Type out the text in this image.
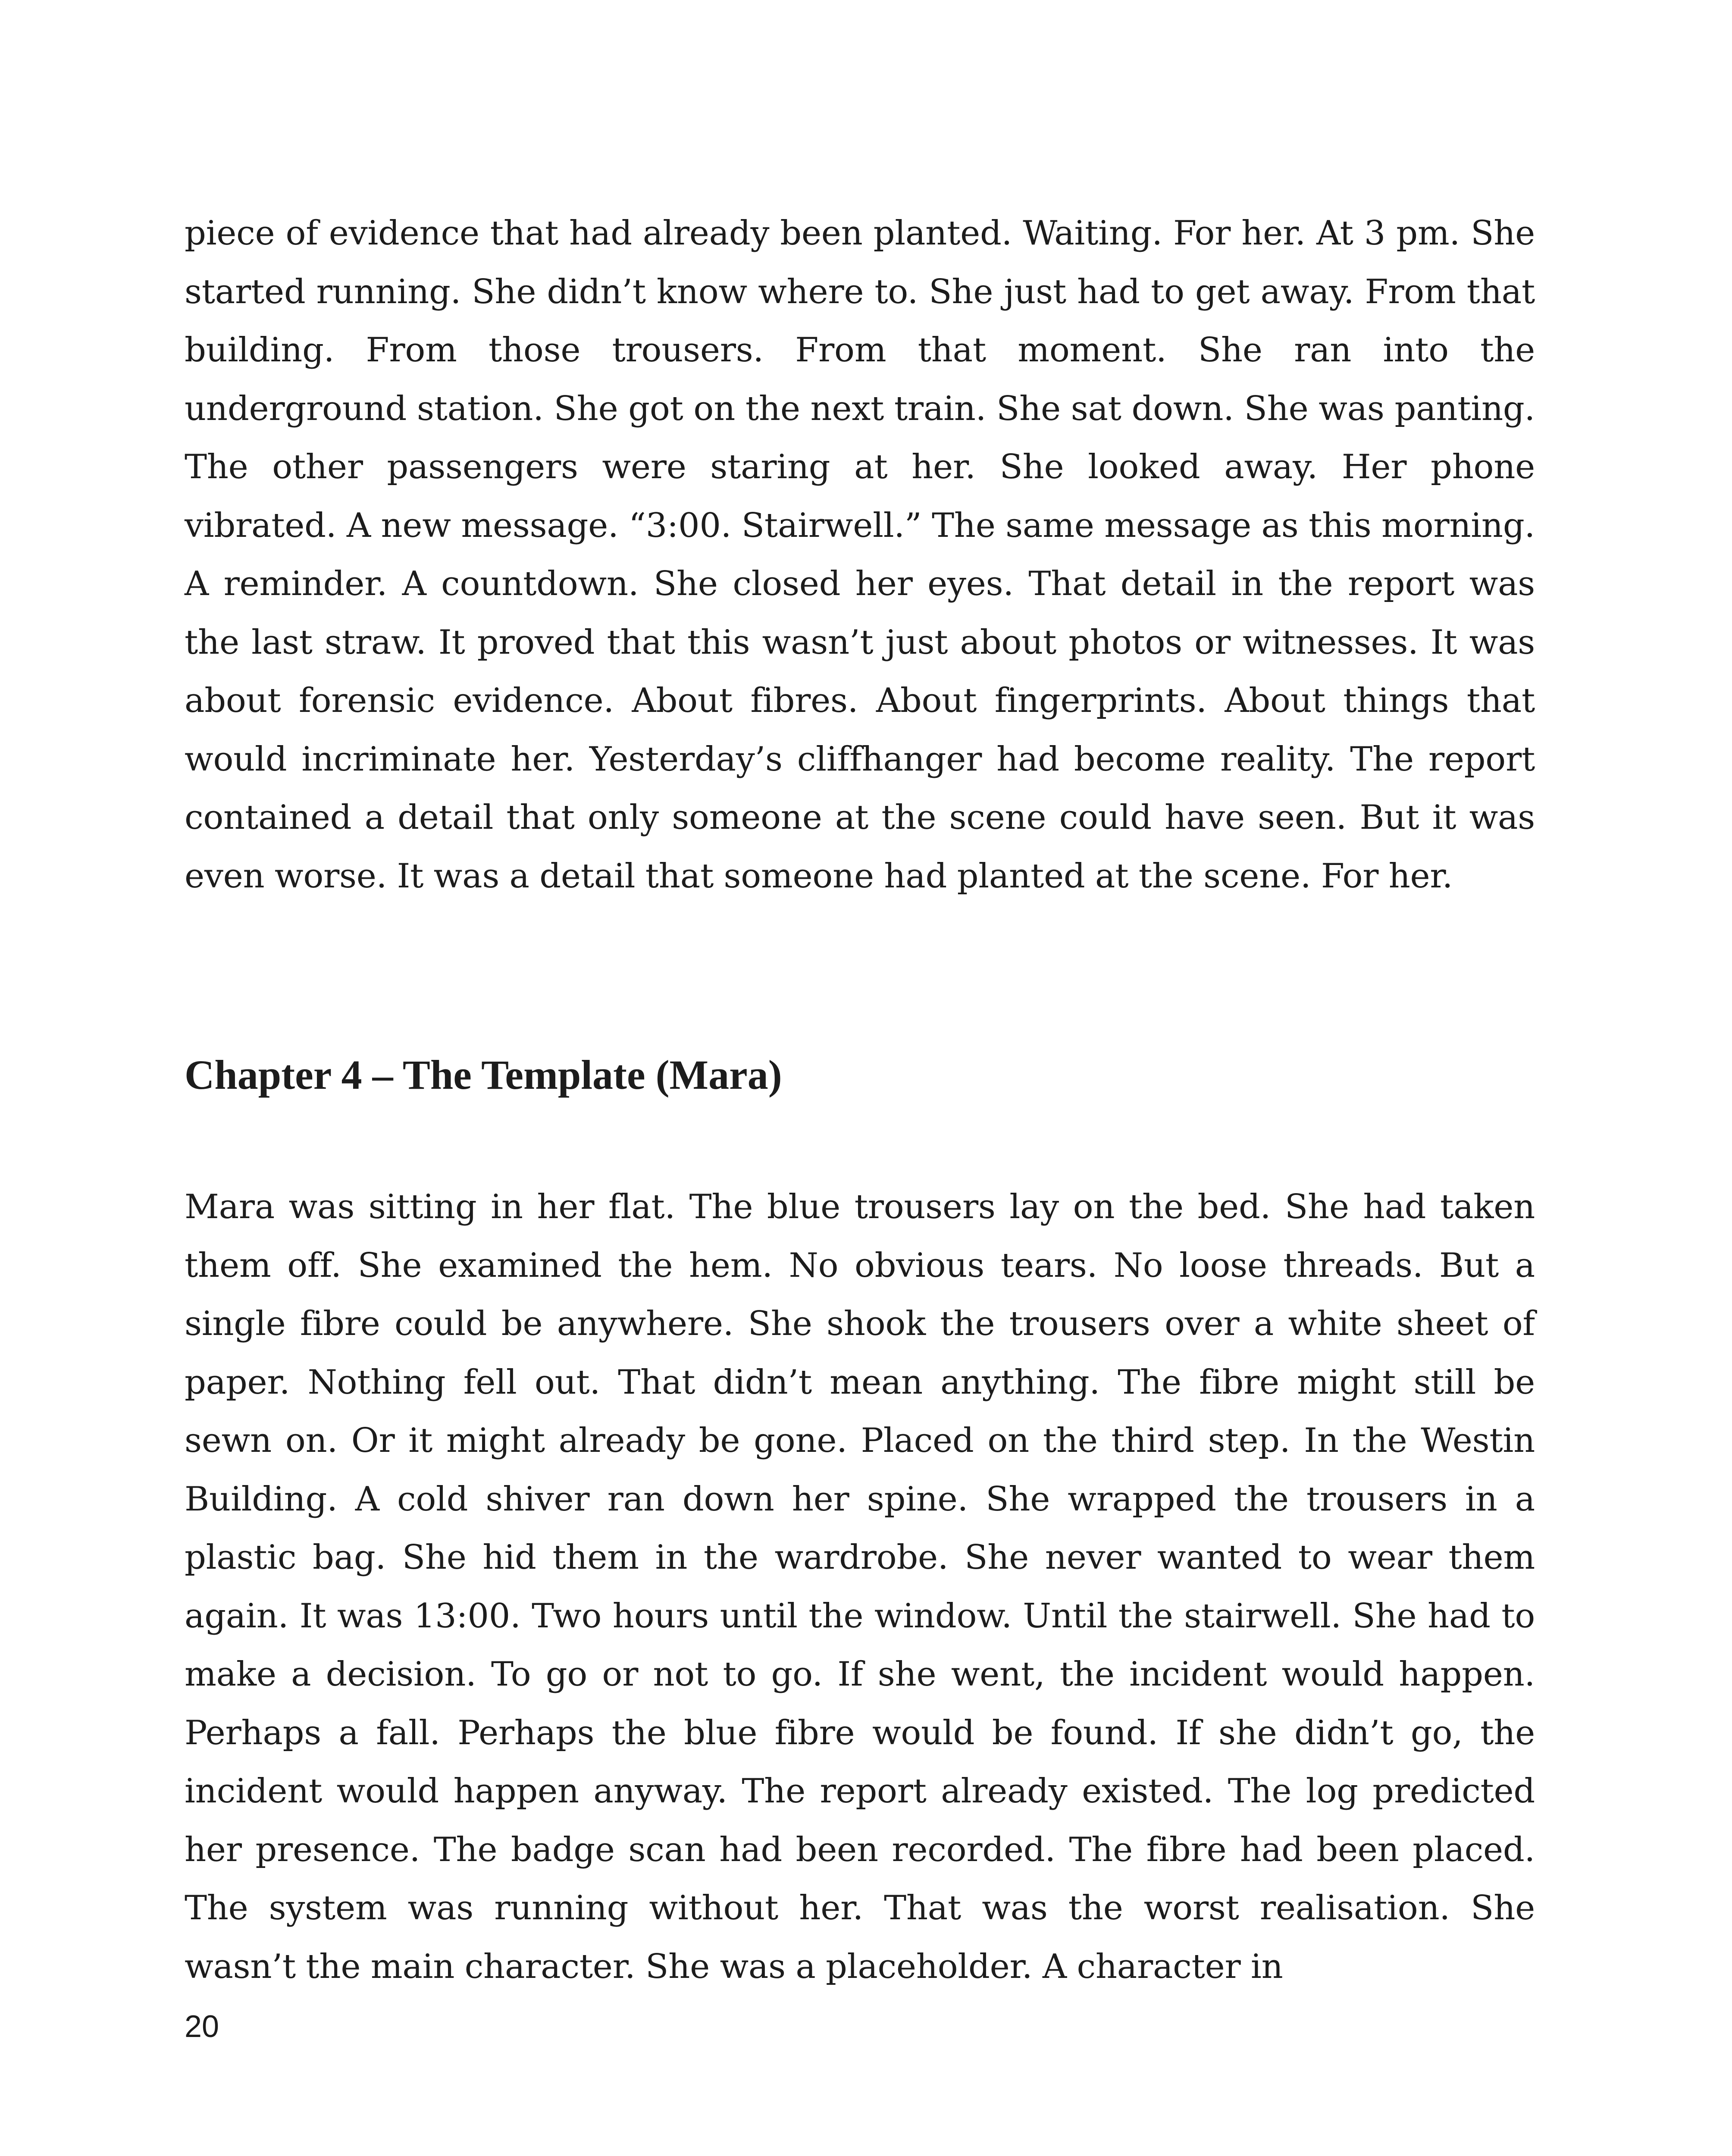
piece of evidence that had already been planted. Waiting. For her. At 3 pm. She started running. She didn’t know where to. She just had to get away. From that building. From those trousers. From that moment. She ran into the underground station. She got on the next train. She sat down. She was panting. The other passengers were staring at her. She looked away. Her phone vibrated. A new message. “3:00. Stairwell.” The same message as this morning. A reminder. A countdown. She closed her eyes. That detail in the report was the last straw. It proved that this wasn’t just about photos or witnesses. It was about forensic evidence. About fibres. About fingerprints. About things that would incriminate her. Yesterday’s cliffhanger had become reality. The report contained a detail that only someone at the scene could have seen. But it was even worse. It was a detail that someone had planted at the scene. For her.

Chapter 4 – The Template (Mara)

Mara was sitting in her flat. The blue trousers lay on the bed. She had taken them off. She examined the hem. No obvious tears. No loose threads. But a single fibre could be anywhere. She shook the trousers over a white sheet of paper. Nothing fell out. That didn’t mean anything. The fibre might still be sewn on. Or it might already be gone. Placed on the third step. In the Westin Building. A cold shiver ran down her spine. She wrapped the trousers in a plastic bag. She hid them in the wardrobe. She never wanted to wear them again. It was 13:00. Two hours until the window. Until the stairwell. She had to make a decision. To go or not to go. If she went, the incident would happen. Perhaps a fall. Perhaps the blue fibre would be found. If she didn’t go, the incident would happen anyway. The report already existed. The log predicted her presence. The badge scan had been recorded. The fibre had been placed. The system was running without her. That was the worst realisation. She wasn’t the main character. She was a placeholder. A character in

20
